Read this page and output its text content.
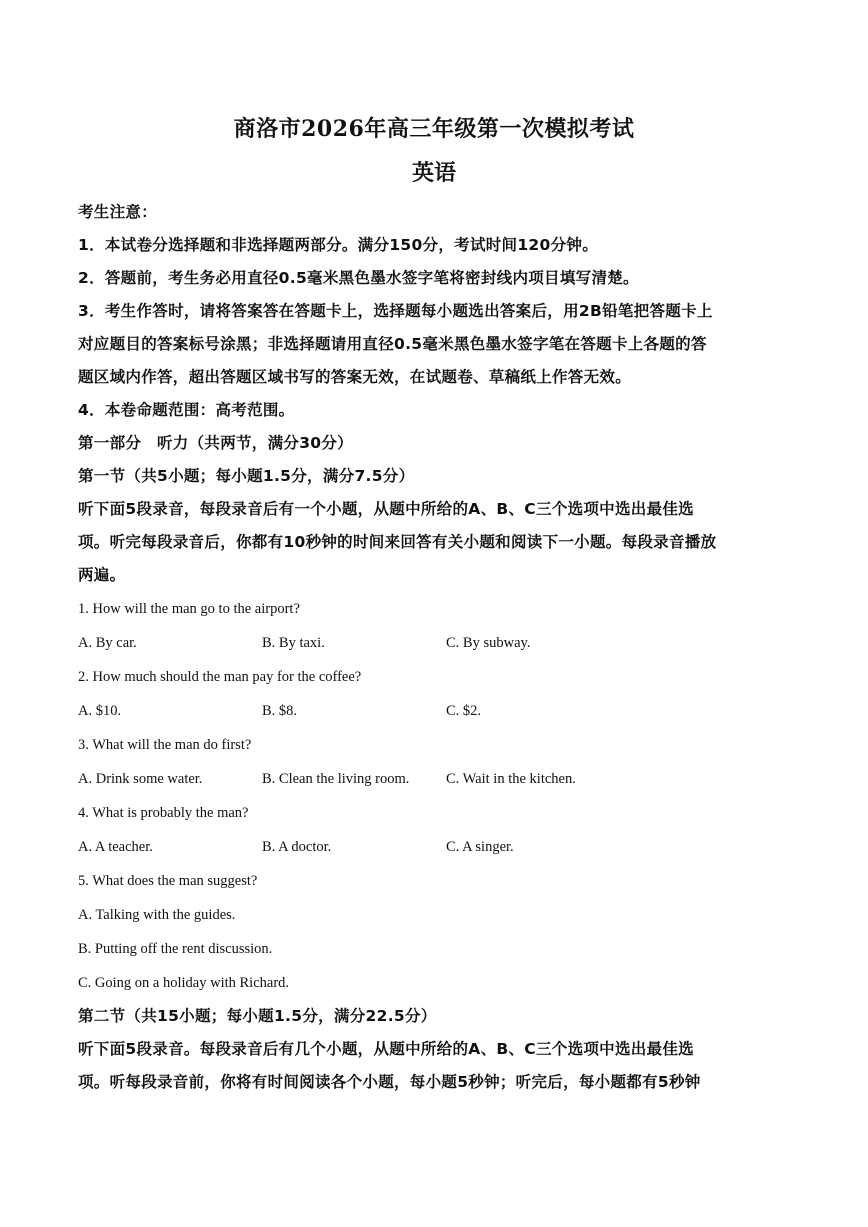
商洛市2026年高三年级第一次模拟考试
英语

考生注意：

1．本试卷分选择题和非选择题两部分。满分150分，考试时间120分钟。

2．答题前，考生务必用直径0.5毫米黑色墨水签字笔将密封线内项目填写清楚。

3．考生作答时，请将答案答在答题卡上，选择题每小题选出答案后，用2B铅笔把答题卡上

对应题目的答案标号涂黑；非选择题请用直径0.5毫米黑色墨水签字笔在答题卡上各题的答

题区域内作答，超出答题区域书写的答案无效，在试题卷、草稿纸上作答无效。

4．本卷命题范围：高考范围。

第一部分　听力（共两节，满分30分）

第一节（共5小题；每小题1.5分，满分7.5分）

听下面5段录音，每段录音后有一个小题，从题中所给的A、B、C三个选项中选出最佳选

项。听完每段录音后，你都有10秒钟的时间来回答有关小题和阅读下一小题。每段录音播放

两遍。

1. How will the man go to the airport?

A. By car.	B. By taxi.	C. By subway.

2. How much should the man pay for the coffee?

A. $10.	B. $8.	C. $2.

3. What will the man do first?

A. Drink some water.	B. Clean the living room.	C. Wait in the kitchen.

4. What is probably the man?

A. A teacher.	B. A doctor.	C. A singer.

5. What does the man suggest?

A. Talking with the guides.

B. Putting off the rent discussion.

C. Going on a holiday with Richard.

第二节（共15小题；每小题1.5分，满分22.5分）

听下面5段录音。每段录音后有几个小题，从题中所给的A、B、C三个选项中选出最佳选

项。听每段录音前，你将有时间阅读各个小题，每小题5秒钟；听完后，每小题都有5秒钟
